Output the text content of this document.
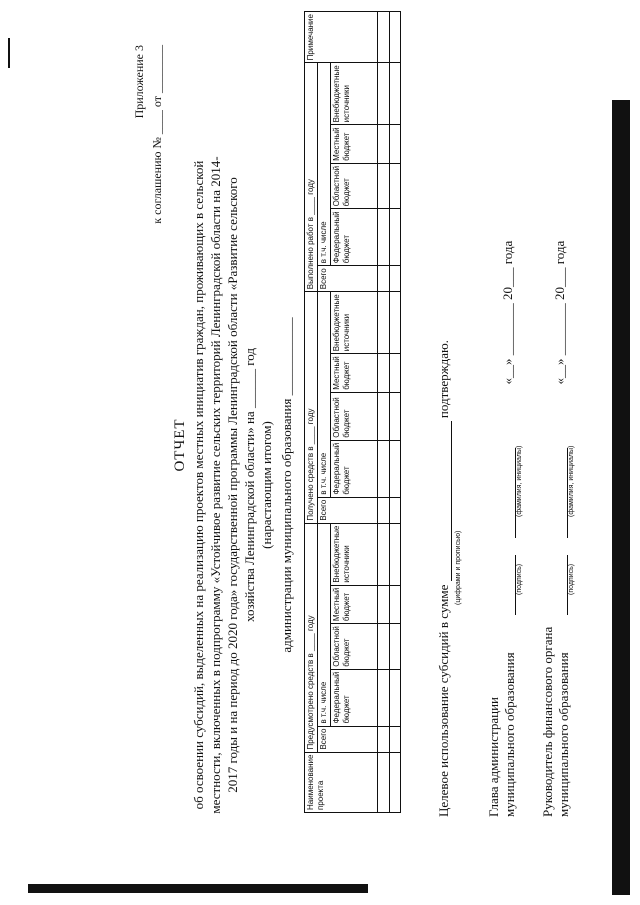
Приложение 3 к соглашению № ____ от ________
ОТЧЕТ об освоении субсидий, выделенных на реализацию проектов местных инициатив граждан, проживающих в сельской местности, включенных в подпрограмму «Устойчивое развитие сельских территорий Ленинградской области на 2014- 2017 годы и на период до 2020 года» государственной программы Ленинградской области «Развитие сельского хозяйства Ленинградской области» на ______ год (нарастающим итогом) администрации муниципального образования ____________
Наименование проекта	Предусмотрено средств в ____ году					Получено средств в ____ году					Выполнено работ в ____ году					Примечание
	Всего	в т.ч. числе				Всего	в т.ч. числе				Всего	в т.ч. числе				
		Федеральный бюджет	Областной бюджет	Местный бюджет	Внебюджетные источники		Федеральный бюджет	Областной бюджет	Местный бюджет	Внебюджетные источники		Федеральный бюджет	Областной бюджет	Местный бюджет	Внебюджетные источники	

Целевое использование субсидий в сумме  подтверждаю.
(цифрами и прописью)
Глава администрации муниципального образования
«__» ________ 20___ года
(подпись)
(фамилия, инициалы)
Руководитель финансового органа муниципального образования
«__» ________ 20___ года
(подпись)
(фамилия, инициалы)
